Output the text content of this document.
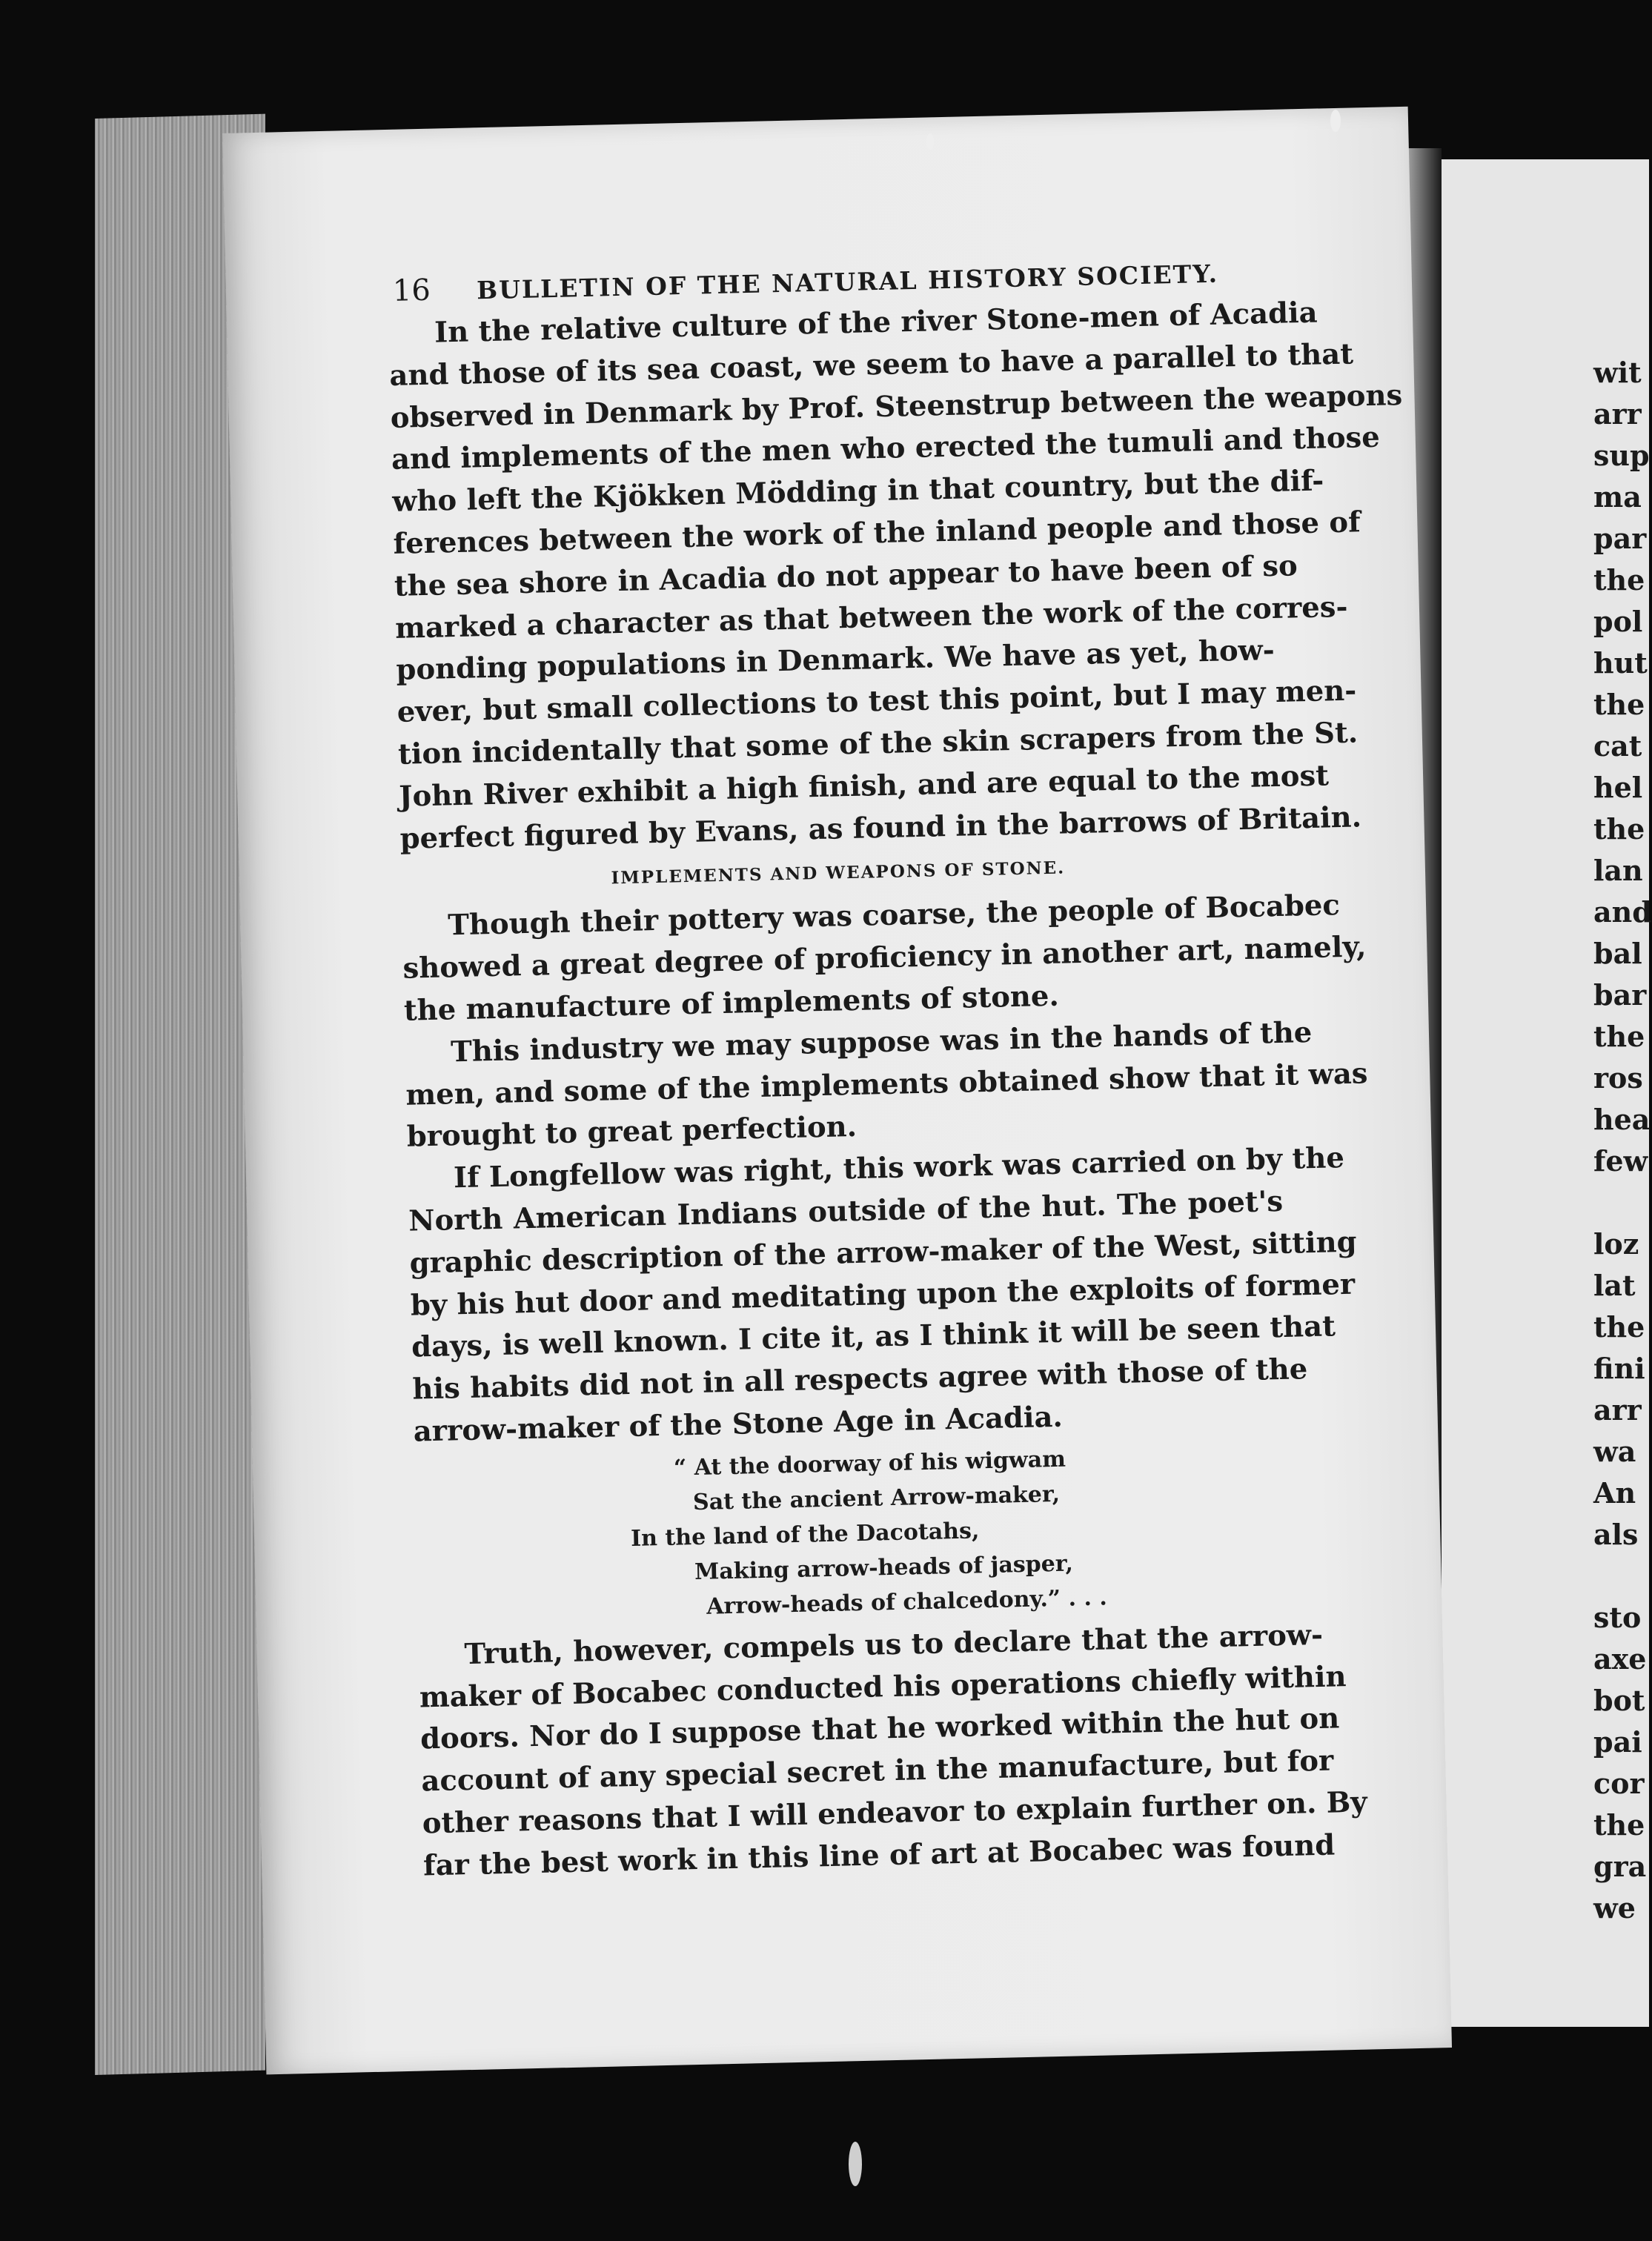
16 BULLETIN OF THE NATURAL HISTORY SOCIETY.
In the relative culture of the river Stone-men of Acadia
and those of its sea coast, we seem to have a parallel to that
observed in Denmark by Prof. Steenstrup between the weapons
and implements of the men who erected the tumuli and those
who left the Kjökken Mödding in that country, but the dif-
ferences between the work of the inland people and those of
the sea shore in Acadia do not appear to have been of so
marked a character as that between the work of the corres-
ponding populations in Denmark. We have as yet, how-
ever, but small collections to test this point, but I may men-
tion incidentally that some of the skin scrapers from the St.
John River exhibit a high finish, and are equal to the most
perfect figured by Evans, as found in the barrows of Britain.
IMPLEMENTS AND WEAPONS OF STONE.
Though their pottery was coarse, the people of Bocabec
showed a great degree of proficiency in another art, namely,
the manufacture of implements of stone.
This industry we may suppose was in the hands of the
men, and some of the implements obtained show that it was
brought to great perfection.
If Longfellow was right, this work was carried on by the
North American Indians outside of the hut. The poet's
graphic description of the arrow-maker of the West, sitting
by his hut door and meditating upon the exploits of former
days, is well known. I cite it, as I think it will be seen that
his habits did not in all respects agree with those of the
arrow-maker of the Stone Age in Acadia.
“ At the doorway of his wigwam
Sat the ancient Arrow-maker,
In the land of the Dacotahs,
Making arrow-heads of jasper,
Arrow-heads of chalcedony.” . . .
Truth, however, compels us to declare that the arrow-
maker of Bocabec conducted his operations chiefly within
doors. Nor do I suppose that he worked within the hut on
account of any special secret in the manufacture, but for
other reasons that I will endeavor to explain further on. By
far the best work in this line of art at Bocabec was found
wit
arr
sup
ma
par
the
pol
hut
the
cat
hel
the
lan
and
bal
bar
the
ros
hea
few
loz
lat
the
fini
arr
wa
An
als
sto
axe
bot
pai
cor
the
gra
we
